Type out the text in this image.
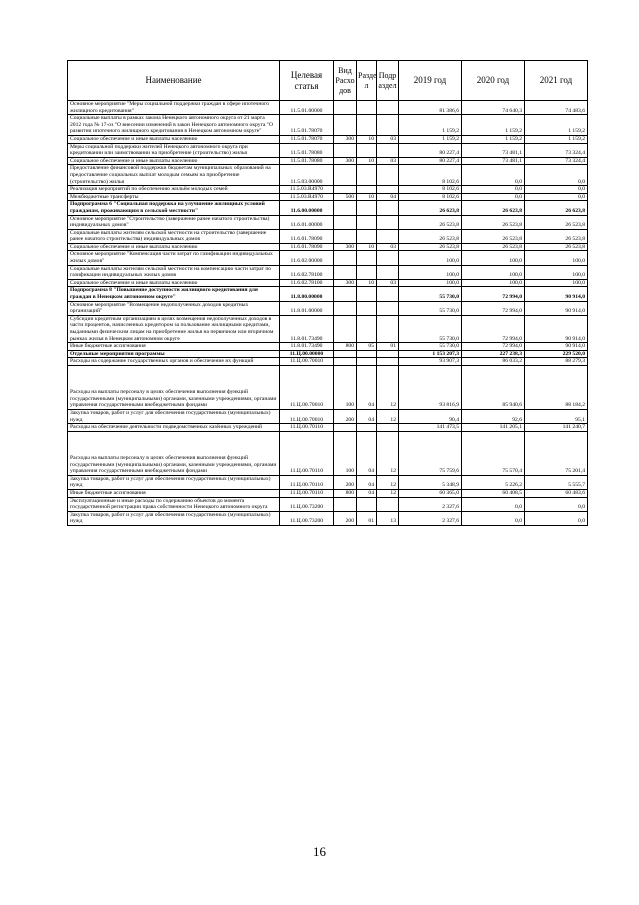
Наименование	Целевая статья	Вид Расхо дов	Разде л	Подр аздел	2019 год	2020 год	2021 год
Основное мероприятие "Меры социальной поддержки граждан в сфере ипотечного жилищного кредитования"	11.5.01.00000				81 386,6	74 640,3	74 483,6
Социальные выплаты в рамках закона Ненецкого автономного округа от 21 марта 2012 года № 17-оз "О внесении изменений в закон Ненецкого автономного округа "О развитии ипотечного жилищного кредитования в Ненецком автономном округе"	11.5.01.78070				1 159,2	1 159,2	1 159,2
Социальное обеспечение и иные выплаты населению	11.5.01.78070	300	10	03	1 159,2	1 159,2	1 159,2
Меры социальной поддержки жителей Ненецкого автономного округа при кредитовании или заимствовании на приобретение (строительство) жилья	11.5.01.78080				80 227,4	73 481,1	73 324,4
Социальное обеспечение и иные выплаты населению	11.5.01.78080	300	10	03	80 227,4	73 481,1	73 324,4
Предоставление финансовой поддержки бюджетам муниципальных образований на предоставление социальных выплат молодым семьям на приобретение (строительство) жилья	11.5.03.00000				8 102,6	0,0	0,0
Реализация мероприятий по обеспечению жильём молодых семей	11.5.03.R4970				8 102,6	0,0	0,0
Межбюджетные трансферты	11.5.03.R4970	500	10	04	8 102,6	0,0	0,0
Подпрограмма 6 "Социальная поддержка на улучшение жилищных условий гражданам, проживающим в сельской местности"	11.6.00.00000				26 623,8	26 623,8	26 623,8
Основное мероприятие "Строительство (завершение ранее начатого строительства) индивидуальных домов"	11.6.01.00000				26 523,8	26 523,8	26 523,8
Социальные выплаты жителям сельской местности на строительство (завершение ранее начатого строительства) индивидуальных домов	11.6.01.78090				26 523,8	26 523,8	26 523,8
Социальное обеспечение и иные выплаты населению	11.6.01.78090	300	10	03	26 523,8	26 523,8	26 523,8
Основное мероприятие "Компенсация части затрат по газификации индивидуальных жилых домов"	11.6.02.00000				100,0	100,0	100,0
Социальные выплаты жителям сельской местности на компенсацию части затрат по газификации индивидуальных жилых домов	11.6.02.78100				100,0	100,0	100,0
Социальное обеспечение и иные выплаты населению	11.6.02.78100	300	10	03	100,0	100,0	100,0
Подпрограмма 8 "Повышение доступности жилищного кредитования для граждан в Ненецком автономном округе"	11.8.00.00000				55 730,0	72 994,0	90 914,0
Основное мероприятие "Возмещение недополученных доходов кредитных организаций"	11.8.01.00000				55 730,0	72 994,0	90 914,0
Субсидии кредитным организациям в целях возмещения недополученных доходов в части процентов, начисленных кредитором за пользование жилищными кредитами, выданными физическим лицам на приобретение жилья на первичном или вторичном рынках жилья в Ненецком автономном округе	11.8.01.73490				55 730,0	72 994,0	90 914,0
Иные бюджетные ассигнования	11.8.01.73490	800	05	01	55 730,0	72 994,0	90 914,0
Отдельные мероприятия программы	11.Ц.00.00000				1 153 207,3	227 238,3	229 520,0
Расходы на содержание государственных органов и обеспечение их функций	11.Ц.00.70010				93 907,3	86 033,2	88 279,3
Расходы на выплаты персоналу в целях обеспечения выполнения функций государственными (муниципальными) органами, казенными учреждениями, органами управления государственными внебюджетными фондами	11.Ц.00.70010	100	04	12	93 816,9	85 940,6	88 184,2
Закупка товаров, работ и услуг для обеспечения государственных (муниципальных) нужд	11.Ц.00.70010	200	04	12	90,4	92,6	95,1
Расходы на обеспечение деятельности подведомственных казённых учреждений	11.Ц.00.70110				141 473,5	141 205,1	141 240,7
Расходы на выплаты персоналу в целях обеспечения выполнения функций государственными (муниципальными) органами, казенными учреждениями, органами управления государственными внебюджетными фондами	11.Ц.00.70110	100	04	12	75 759,6	75 570,4	75 201,4
Закупка товаров, работ и услуг для обеспечения государственных (муниципальных) нужд	11.Ц.00.70110	200	04	12	5 348,9	5 226,2	5 555,7
Иные бюджетные ассигнования	11.Ц.00.70110	800	04	12	60 365,0	60 408,5	60 483,6
Эксплуатационные и иные расходы по содержанию объектов до момента государственной регистрации права собственности Ненецкого автономного округа	11.Ц.00.73200				2 327,6	0,0	0,0
Закупка товаров, работ и услуг для обеспечения государственных (муниципальных) нужд	11.Ц.00.73200	200	01	13	2 327,6	0,0	0,0
16
